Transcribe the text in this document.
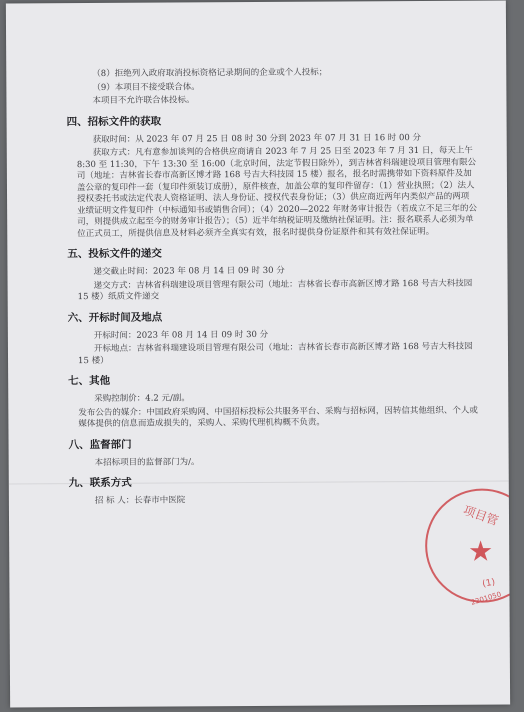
（8）拒绝列入政府取消投标资格记录期间的企业或个人投标；

（9）本项目不接受联合体。

本项目不允许联合体投标。

四、招标文件的获取

获取时间：从 2023 年 07 月 25 日 08 时 30 分到 2023 年 07 月 31 日 16 时 00 分

获取方式：凡有意参加谈判的合格供应商请自 2023 年 7 月 25 日至 2023 年 7 月 31 日，每天上午 8:30 至 11:30，下午 13:30 至 16:00（北京时间，法定节假日除外），到吉林省科瑞建设项目管理有限公司（地址：吉林省长春市高新区博才路 168 号吉大科技园 15 楼）报名，报名时需携带如下资料原件及加盖公章的复印件一套（复印件须装订成册），原件核查，加盖公章的复印件留存：（1）营业执照；（2）法人授权委托书或法定代表人资格证明、法人身份证、授权代表身份证；（3）供应商近两年内类似产品的两项业绩证明文件复印件（中标通知书或销售合同）；（4）2020—2022 年财务审计报告（若成立不足三年的公司，则提供成立起至今的财务审计报告）；（5）近半年纳税证明及缴纳社保证明。注：报名联系人必须为单位正式员工，所提供信息及材料必须齐全真实有效，报名时提供身份证原件和其有效社保证明。

五、投标文件的递交

递交截止时间：2023 年 08 月 14 日 09 时 30 分

递交方式：吉林省科瑞建设项目管理有限公司（地址：吉林省长春市高新区博才路 168 号吉大科技园 15 楼）纸质文件递交

六、开标时间及地点

开标时间：2023 年 08 月 14 日 09 时 30 分

开标地点：吉林省科瑞建设项目管理有限公司（地址：吉林省长春市高新区博才路 168 号吉大科技园 15 楼）

七、其他

采购控制价：4.2 元/副。

发布公告的媒介：中国政府采购网、中国招标投标公共服务平台、采购与招标网，因转信其他组织、个人或媒体提供的信息而造成损失的，采购人、采购代理机构概不负责。

八、监督部门

本招标项目的监督部门为/。

九、联系方式

招 标 人：长春市中医院

项目管
★
(1)
2201050
